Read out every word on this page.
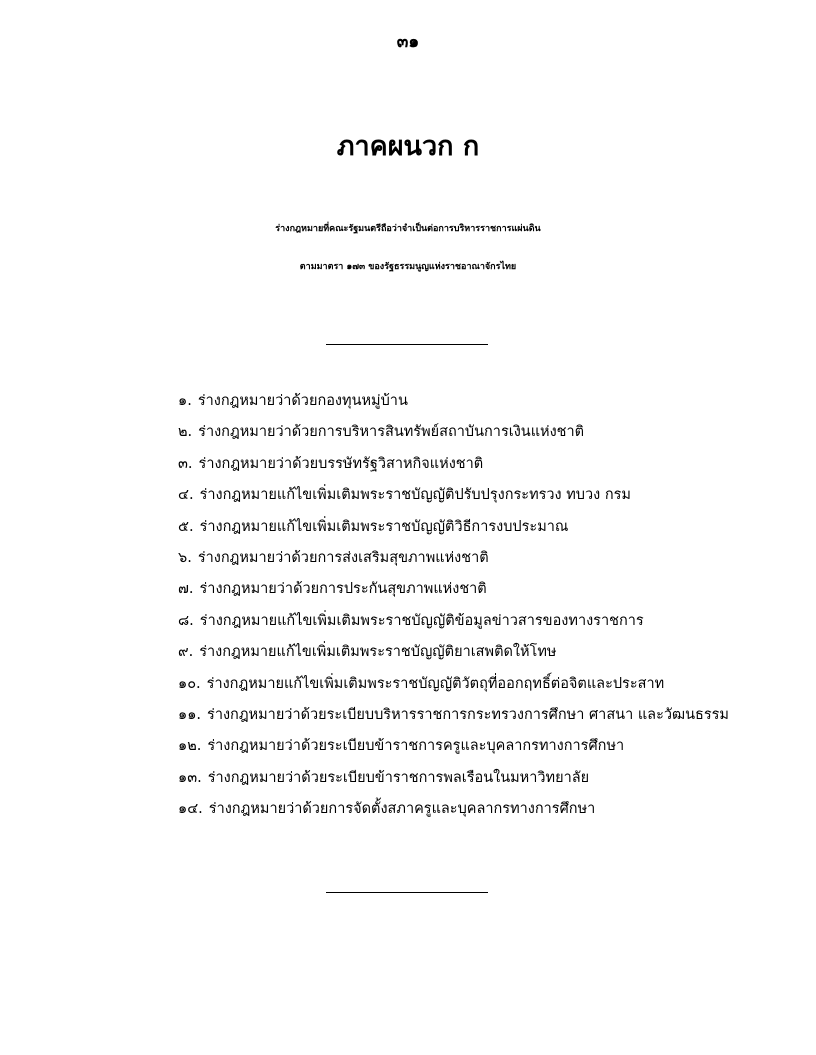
๓๑
ภาคผนวก ก
ร่างกฎหมายที่คณะรัฐมนตรีถือว่าจำเป็นต่อการบริหารราชการแผ่นดิน
ตามมาตรา ๑๗๓ ของรัฐธรรมนูญแห่งราชอาณาจักรไทย
๑. ร่างกฎหมายว่าด้วยกองทุนหมู่บ้าน
๒. ร่างกฎหมายว่าด้วยการบริหารสินทรัพย์สถาบันการเงินแห่งชาติ
๓. ร่างกฎหมายว่าด้วยบรรษัทรัฐวิสาหกิจแห่งชาติ
๔. ร่างกฎหมายแก้ไขเพิ่มเติมพระราชบัญญัติปรับปรุงกระทรวง ทบวง กรม
๕. ร่างกฎหมายแก้ไขเพิ่มเติมพระราชบัญญัติวิธีการงบประมาณ
๖. ร่างกฎหมายว่าด้วยการส่งเสริมสุขภาพแห่งชาติ
๗. ร่างกฎหมายว่าด้วยการประกันสุขภาพแห่งชาติ
๘. ร่างกฎหมายแก้ไขเพิ่มเติมพระราชบัญญัติข้อมูลข่าวสารของทางราชการ
๙. ร่างกฎหมายแก้ไขเพิ่มเติมพระราชบัญญัติยาเสพติดให้โทษ
๑๐. ร่างกฎหมายแก้ไขเพิ่มเติมพระราชบัญญัติวัตถุที่ออกฤทธิ์ต่อจิตและประสาท
๑๑. ร่างกฎหมายว่าด้วยระเบียบบริหารราชการกระทรวงการศึกษา ศาสนา และวัฒนธรรม
๑๒. ร่างกฎหมายว่าด้วยระเบียบข้าราชการครูและบุคลากรทางการศึกษา
๑๓. ร่างกฎหมายว่าด้วยระเบียบข้าราชการพลเรือนในมหาวิทยาลัย
๑๔. ร่างกฎหมายว่าด้วยการจัดตั้งสภาครูและบุคลากรทางการศึกษา
